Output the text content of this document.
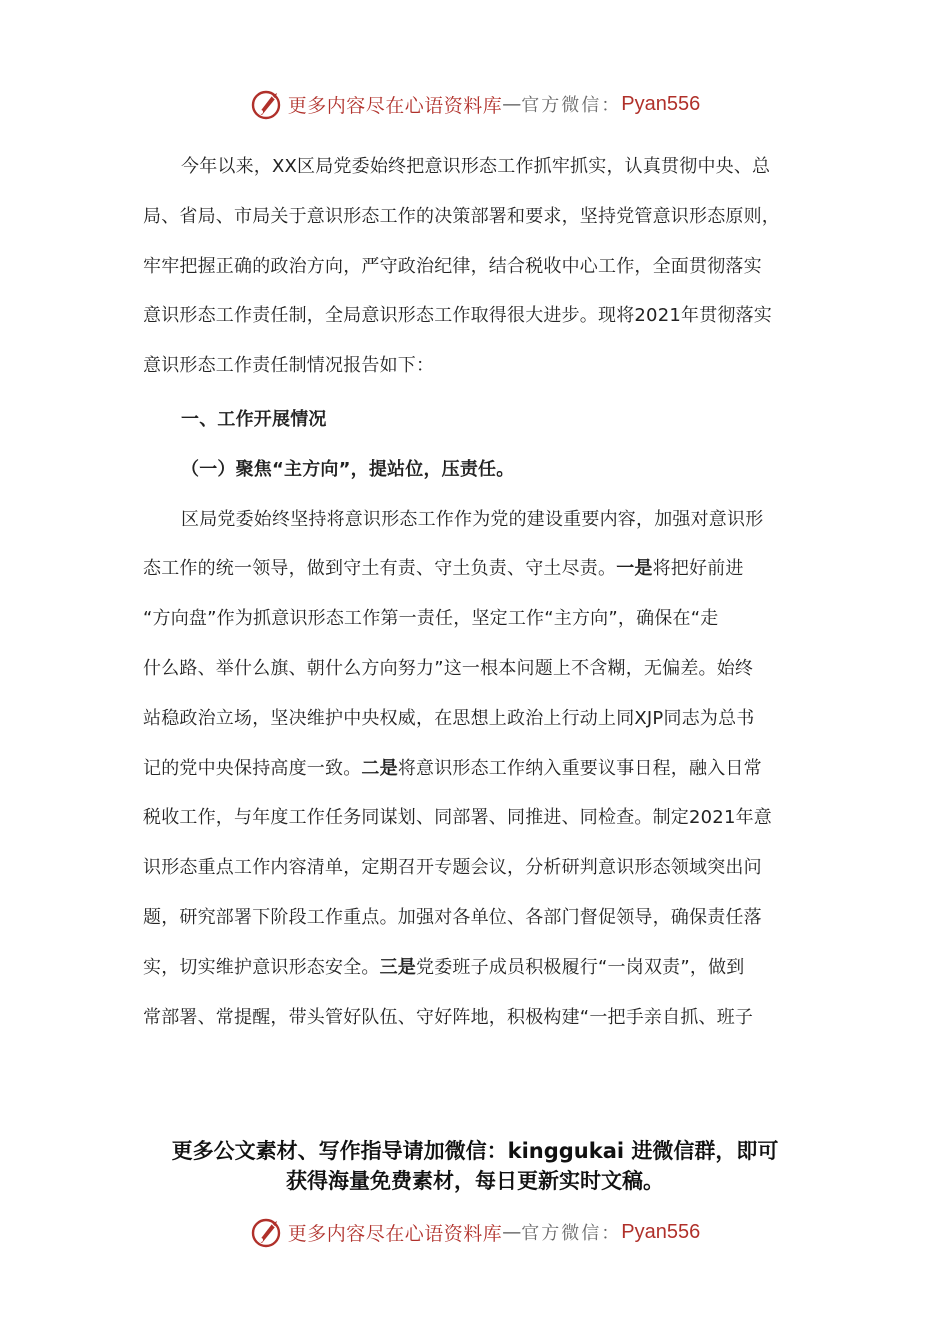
更多内容尽在心语资料库 — 官方微信： Pyan556
今年以来，XX区局党委始终把意识形态工作抓牢抓实，认真贯彻中央、总
局、省局、市局关于意识形态工作的决策部署和要求，坚持党管意识形态原则，
牢牢把握正确的政治方向，严守政治纪律，结合税收中心工作，全面贯彻落实
意识形态工作责任制，全局意识形态工作取得很大进步。现将2021年贯彻落实
意识形态工作责任制情况报告如下：
一、工作开展情况
（一）聚焦“主方向”，提站位，压责任。
区局党委始终坚持将意识形态工作作为党的建设重要内容，加强对意识形
态工作的统一领导，做到守土有责、守土负责、守土尽责。一是将把好前进
“方向盘”作为抓意识形态工作第一责任，坚定工作“主方向”，确保在“走
什么路、举什么旗、朝什么方向努力”这一根本问题上不含糊，无偏差。始终
站稳政治立场，坚决维护中央权威，在思想上政治上行动上同XJP同志为总书
记的党中央保持高度一致。二是将意识形态工作纳入重要议事日程，融入日常
税收工作，与年度工作任务同谋划、同部署、同推进、同检查。制定2021年意
识形态重点工作内容清单，定期召开专题会议，分析研判意识形态领域突出问
题，研究部署下阶段工作重点。加强对各单位、各部门督促领导，确保责任落
实，切实维护意识形态安全。三是党委班子成员积极履行“一岗双责”，做到
常部署、常提醒，带头管好队伍、守好阵地，积极构建“一把手亲自抓、班子
更多公文素材、写作指导请加微信：kinggukai 进微信群，即可
获得海量免费素材，每日更新实时文稿。
更多内容尽在心语资料库 — 官方微信： Pyan556
